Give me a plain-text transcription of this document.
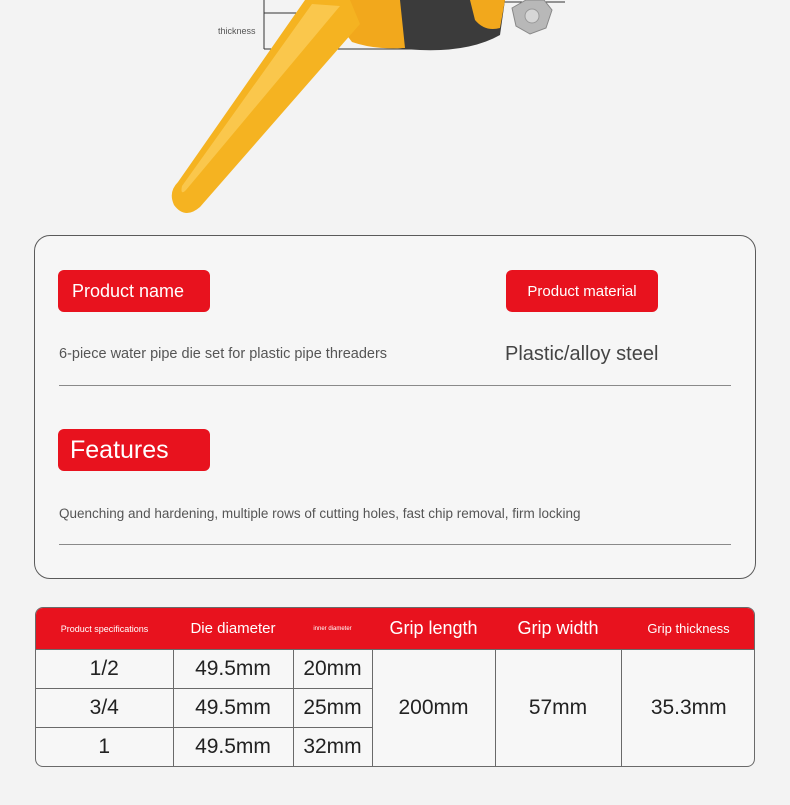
thickness
Product name	Product material
6-piece water pipe die set for plastic pipe threaders	Plastic/alloy steel
Features
Quenching and hardening, multiple rows of cutting holes, fast chip removal, firm locking
Product specifications	Die diameter	inner diameter	Grip length	Grip width	Grip thickness
1/2	49.5mm	20mm	200mm	57mm	35.3mm
3/4	49.5mm	25mm			
1	49.5mm	32mm			
